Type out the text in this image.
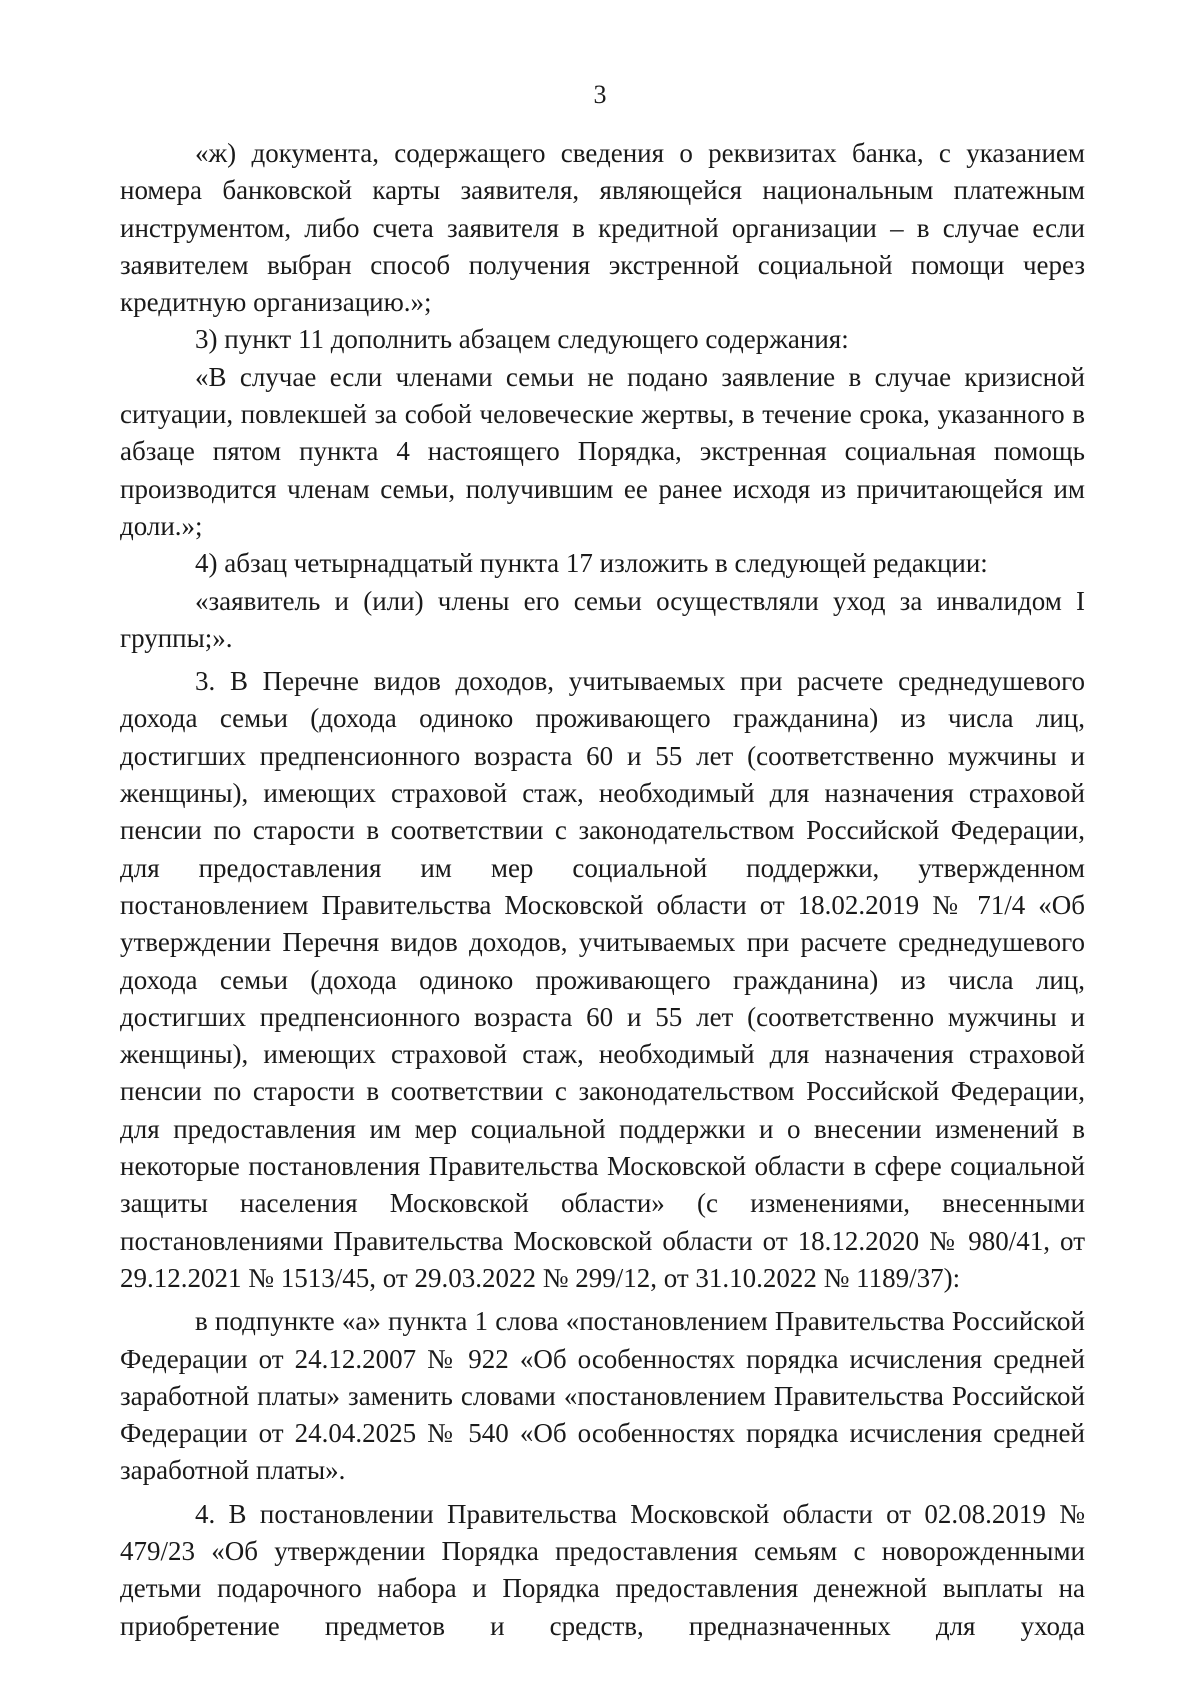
3

«ж) документа, содержащего сведения о реквизитах банка, с указанием номера банковской карты заявителя, являющейся национальным платежным инструментом, либо счета заявителя в кредитной организации – в случае если заявителем выбран способ получения экстренной социальной помощи через кредитную организацию.»;

3) пункт 11 дополнить абзацем следующего содержания:

«В случае если членами семьи не подано заявление в случае кризисной ситуации, повлекшей за собой человеческие жертвы, в течение срока, указанного в абзаце пятом пункта 4 настоящего Порядка, экстренная социальная помощь производится членам семьи, получившим ее ранее исходя из причитающейся им доли.»;

4) абзац четырнадцатый пункта 17 изложить в следующей редакции:

«заявитель и (или) члены его семьи осуществляли уход за инвалидом I группы;».

3. В Перечне видов доходов, учитываемых при расчете среднедушевого дохода семьи (дохода одиноко проживающего гражданина) из числа лиц, достигших предпенсионного возраста 60 и 55 лет (соответственно мужчины и женщины), имеющих страховой стаж, необходимый для назначения страховой пенсии по старости в соответствии с законодательством Российской Федерации, для предоставления им мер социальной поддержки, утвержденном постановлением Правительства Московской области от 18.02.2019 № 71/4 «Об утверждении Перечня видов доходов, учитываемых при расчете среднедушевого дохода семьи (дохода одиноко проживающего гражданина) из числа лиц, достигших предпенсионного возраста 60 и 55 лет (соответственно мужчины и женщины), имеющих страховой стаж, необходимый для назначения страховой пенсии по старости в соответствии с законодательством Российской Федерации, для предоставления им мер социальной поддержки и о внесении изменений в некоторые постановления Правительства Московской области в сфере социальной защиты населения Московской области» (с изменениями, внесенными постановлениями Правительства Московской области от 18.12.2020 № 980/41, от 29.12.2021 № 1513/45, от 29.03.2022 № 299/12, от 31.10.2022 № 1189/37):

в подпункте «а» пункта 1 слова «постановлением Правительства Российской Федерации от 24.12.2007 № 922 «Об особенностях порядка исчисления средней заработной платы» заменить словами «постановлением Правительства Российской Федерации от 24.04.2025 № 540 «Об особенностях порядка исчисления средней заработной платы».

4. В постановлении Правительства Московской области от 02.08.2019 № 479/23 «Об утверждении Порядка предоставления семьям с новорожденными детьми подарочного набора и Порядка предоставления денежной выплаты на приобретение предметов и средств, предназначенных для ухода
